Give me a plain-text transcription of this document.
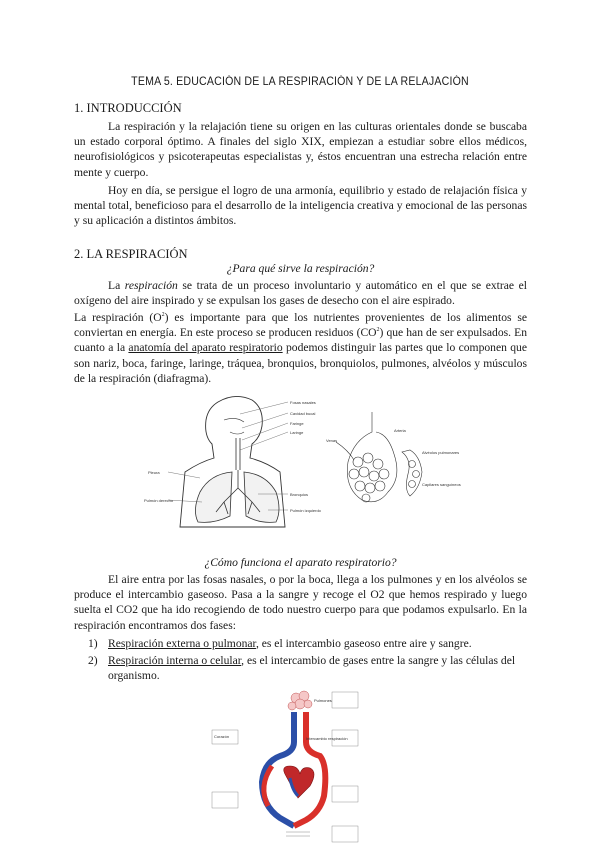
TEMA 5. EDUCACIÓN DE LA RESPIRACIÓN Y DE LA RELAJACIÓN
1. INTRODUCCIÓN

La respiración y la relajación tiene su origen en las culturas orientales donde se buscaba un estado corporal óptimo. A finales del siglo XIX, empiezan a estudiar sobre ellos médicos, neurofisiológicos y psicoterapeutas especialistas y, éstos encuentran una estrecha relación entre mente y cuerpo.

Hoy en día, se persigue el logro de una armonía, equilibrio y estado de relajación física y mental total, beneficioso para el desarrollo de la inteligencia creativa y emocional de las personas y su aplicación a distintos ámbitos.

2. LA RESPIRACIÓN
¿Para qué sirve la respiración?

La respiración se trata de un proceso involuntario y automático en el que se extrae el oxígeno del aire inspirado y se expulsan los gases de desecho con el aire espirado.

La respiración $(O^2)$ es importante para que los nutrientes provenientes de los alimentos se conviertan en energía. En este proceso se producen residuos $(CO^2)$ que han de ser expulsados. En cuanto a la anatomía del aparato respiratorio podemos distinguir las partes que lo componen que son nariz, boca, faringe, laringe, tráquea, bronquios, bronquiolos, pulmones, alvéolos y músculos de la respiración (diafragma).

Fosas nasales
Cavidad bucal
Faringe
Laringe
Pleura
Pulmón derecho
Bronquios
Pulmón izquierdo
Venas
Arteria
Alvéolos pulmonares
Capilares sanguíneos
¿Cómo funciona el aparato respiratorio?

El aire entra por las fosas nasales, o por la boca, llega a los pulmones y en los alvéolos se produce el intercambio gaseoso. Pasa a la sangre y recoge el O2 que hemos respirado y luego suelta el CO2 que ha ido recogiendo de todo nuestro cuerpo para que podamos expulsarlo. En la respiración encontramos dos fases:

1) Respiración externa o pulmonar, es el intercambio gaseoso entre aire y sangre.
2) Respiración interna o celular, es el intercambio de gases entre la sangre y las células del organismo.
Intercambio respiración
Pulmones
Corazón
